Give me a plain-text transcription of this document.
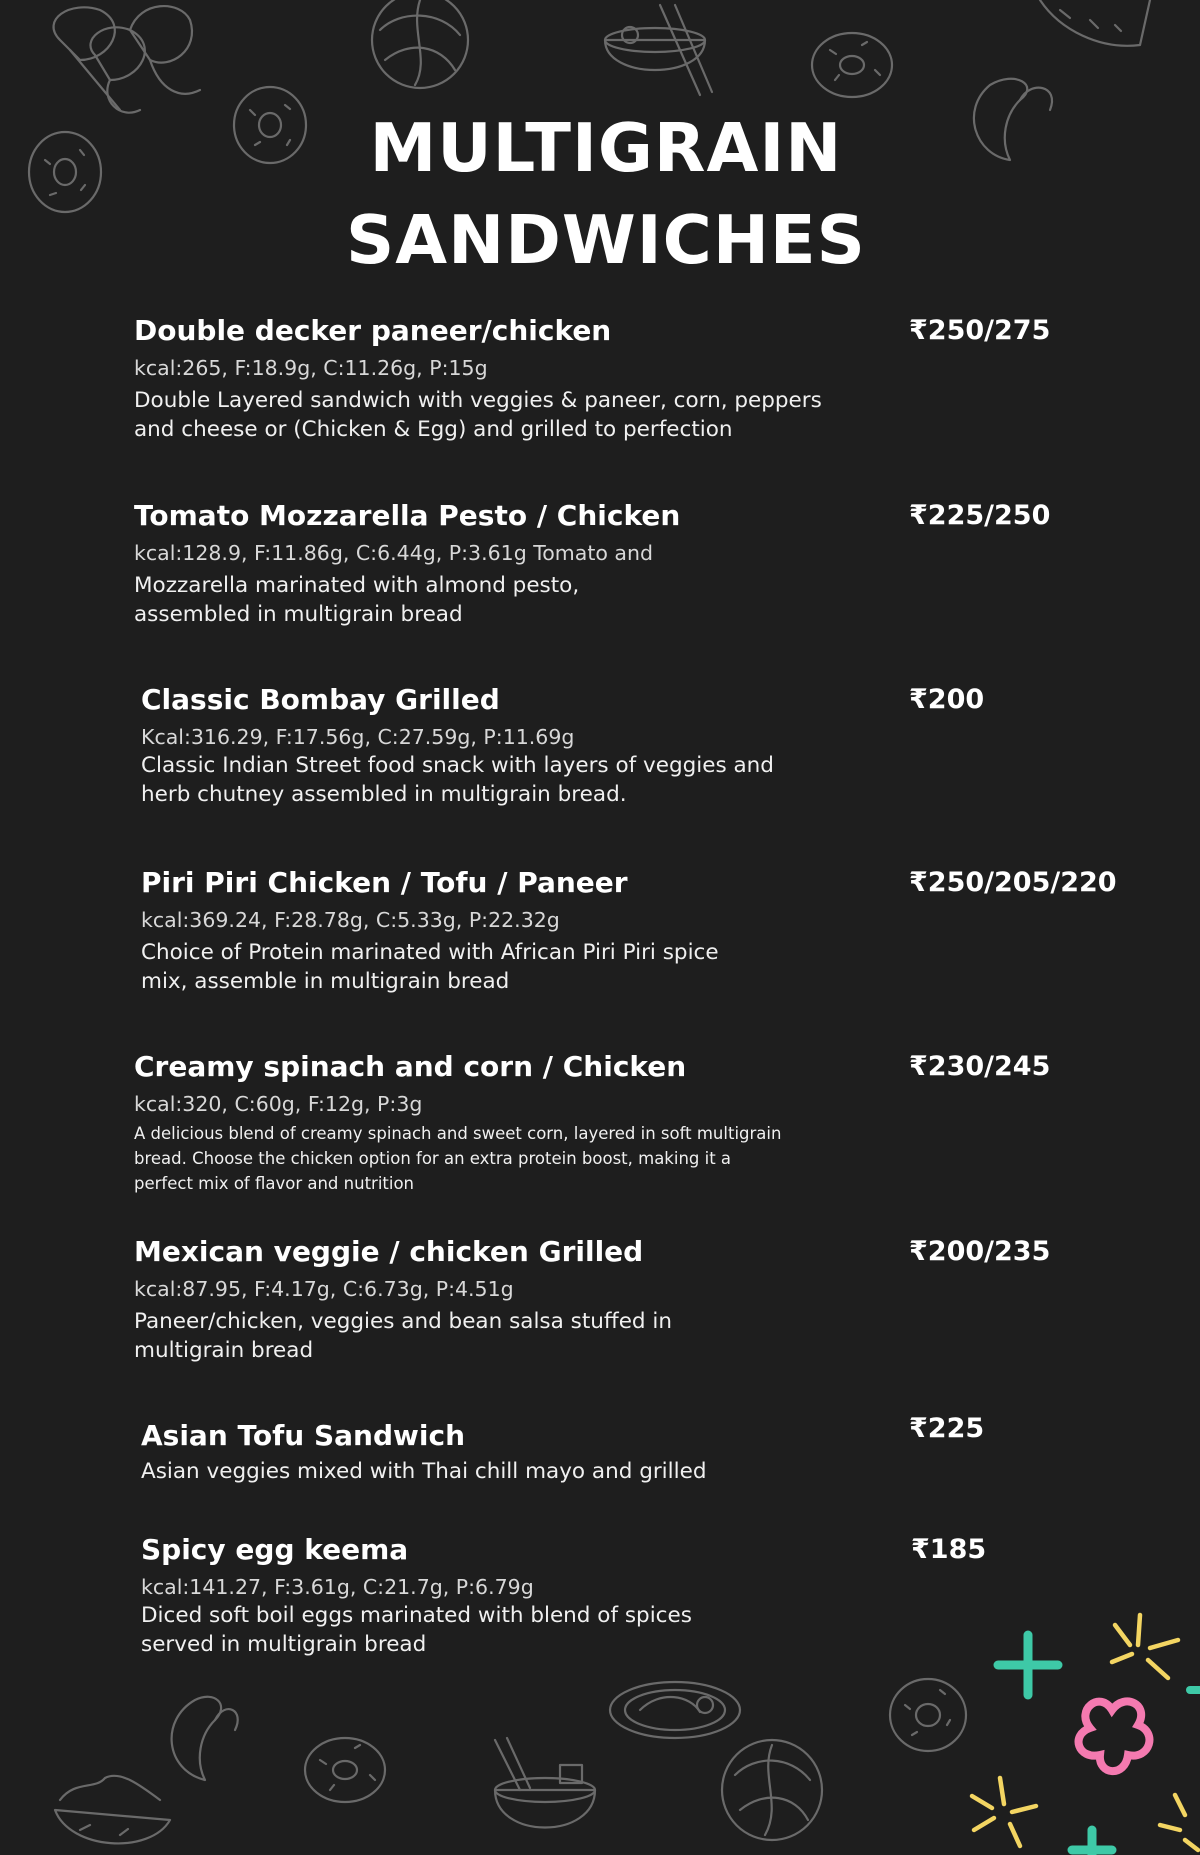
MULTIGRAIN
SANDWICHES
Double decker paneer/chicken	₹250/275
kcal:265, F:18.9g, C:11.26g, P:15g
Double Layered sandwich with veggies & paneer, corn, peppers and cheese or (Chicken & Egg) and grilled to perfection
Tomato Mozzarella Pesto / Chicken	₹225/250
kcal:128.9, F:11.86g, C:6.44g, P:3.61g Tomato and
Mozzarella marinated with almond pesto, assembled in multigrain bread
Classic Bombay Grilled	₹200
Kcal:316.29, F:17.56g, C:27.59g, P:11.69g
Classic Indian Street food snack with layers of veggies and herb chutney assembled in multigrain bread.
Piri Piri Chicken / Tofu / Paneer	₹250/205/220
kcal:369.24, F:28.78g, C:5.33g, P:22.32g
Choice of Protein marinated with African Piri Piri spice mix, assemble in multigrain bread
Creamy spinach and corn / Chicken	₹230/245
kcal:320, C:60g, F:12g, P:3g
A delicious blend of creamy spinach and sweet corn, layered in soft multigrain bread. Choose the chicken option for an extra protein boost, making it a perfect mix of flavor and nutrition
Mexican veggie / chicken Grilled	₹200/235
kcal:87.95, F:4.17g, C:6.73g, P:4.51g
Paneer/chicken, veggies and bean salsa stuffed in multigrain bread
Asian Tofu Sandwich	₹225
Asian veggies mixed with Thai chill mayo and grilled
Spicy egg keema	₹185
kcal:141.27, F:3.61g, C:21.7g, P:6.79g
Diced soft boil eggs marinated with blend of spices served in multigrain bread
